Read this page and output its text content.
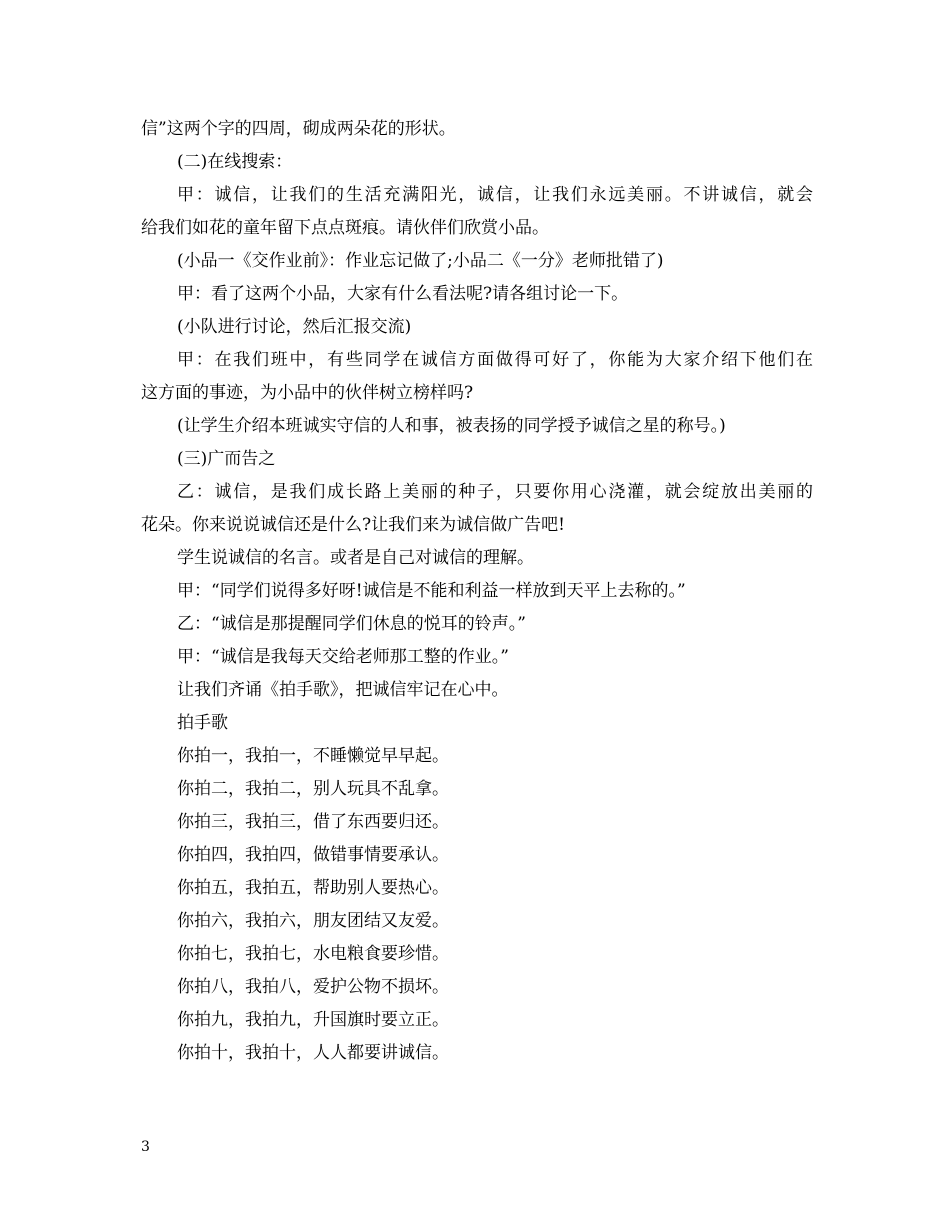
信”这两个字的四周，砌成两朵花的形状。
(二)在线搜索：
甲：诚信，让我们的生活充满阳光，诚信，让我们永远美丽。不讲诚信，就会
给我们如花的童年留下点点斑痕。请伙伴们欣赏小品。
(小品一《交作业前》：作业忘记做了;小品二《一分》老师批错了)
甲：看了这两个小品，大家有什么看法呢?请各组讨论一下。
(小队进行讨论，然后汇报交流)
甲：在我们班中，有些同学在诚信方面做得可好了，你能为大家介绍下他们在
这方面的事迹，为小品中的伙伴树立榜样吗?
(让学生介绍本班诚实守信的人和事，被表扬的同学授予诚信之星的称号。)
(三)广而告之
乙：诚信，是我们成长路上美丽的种子，只要你用心浇灌，就会绽放出美丽的
花朵。你来说说诚信还是什么?让我们来为诚信做广告吧!
学生说诚信的名言。或者是自己对诚信的理解。
甲：“同学们说得多好呀!诚信是不能和利益一样放到天平上去称的。”
乙：“诚信是那提醒同学们休息的悦耳的铃声。”
甲：“诚信是我每天交给老师那工整的作业。”
让我们齐诵《拍手歌》，把诚信牢记在心中。
拍手歌
你拍一，我拍一，不睡懒觉早早起。
你拍二，我拍二，别人玩具不乱拿。
你拍三，我拍三，借了东西要归还。
你拍四，我拍四，做错事情要承认。
你拍五，我拍五，帮助别人要热心。
你拍六，我拍六，朋友团结又友爱。
你拍七，我拍七，水电粮食要珍惜。
你拍八，我拍八，爱护公物不损坏。
你拍九，我拍九，升国旗时要立正。
你拍十，我拍十，人人都要讲诚信。
3
